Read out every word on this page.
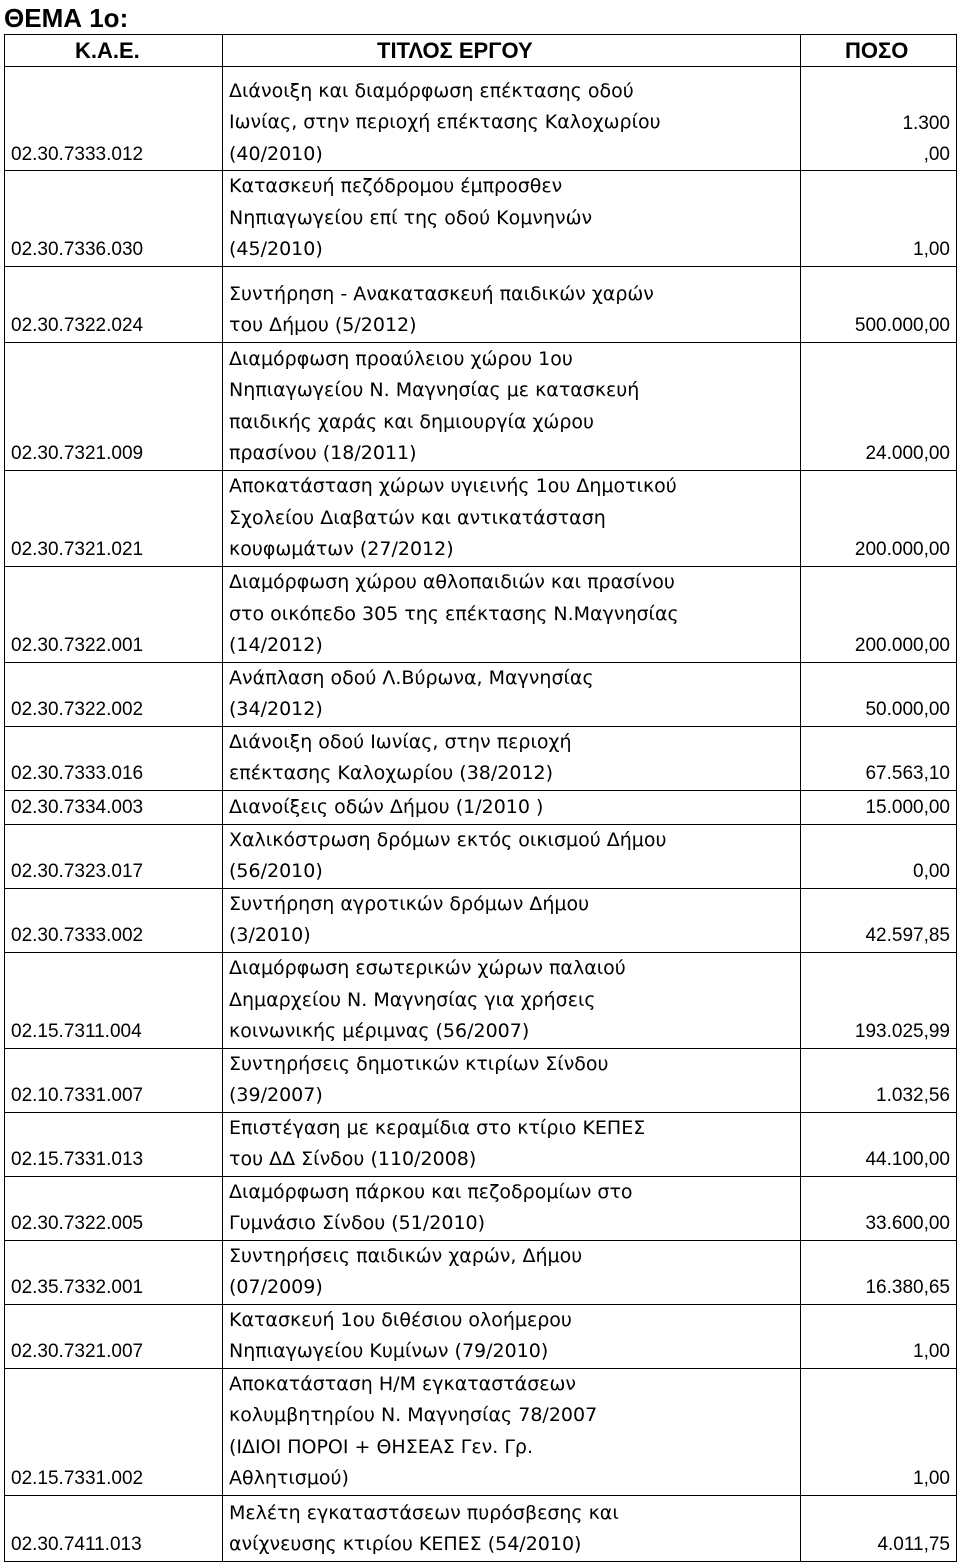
ΘΕΜΑ 1ο:
Κ.Α.Ε.	ΤΙΤΛΟΣ ΕΡΓΟΥ	ΠΟΣΟ
02.30.7333.012	Διάνοιξη και διαμόρφωση επέκτασης οδού
Ιωνίας, στην περιοχή επέκτασης Καλοχωρίου
(40/2010)	1.300
,00
02.30.7336.030	Κατασκευή πεζόδρομου έμπροσθεν
Νηπιαγωγείου επί της οδού Κομνηνών
(45/2010)	1,00
02.30.7322.024	Συντήρηση - Ανακατασκευή παιδικών χαρών
του Δήμου (5/2012)	500.000,00
02.30.7321.009	Διαμόρφωση προαύλειου χώρου 1ου
Νηπιαγωγείου Ν. Μαγνησίας με κατασκευή
παιδικής χαράς και δημιουργία χώρου
πρασίνου (18/2011)	24.000,00
02.30.7321.021	Αποκατάσταση χώρων υγιεινής 1ου Δημοτικού
Σχολείου Διαβατών και αντικατάσταση
κουφωμάτων (27/2012)	200.000,00
02.30.7322.001	Διαμόρφωση χώρου αθλοπαιδιών και πρασίνου
στο οικόπεδο 305 της επέκτασης Ν.Μαγνησίας
(14/2012)	200.000,00
02.30.7322.002	Ανάπλαση οδού Λ.Βύρωνα, Μαγνησίας
(34/2012)	50.000,00
02.30.7333.016	Διάνοιξη οδού Ιωνίας, στην περιοχή
επέκτασης Καλοχωρίου (38/2012)	67.563,10
02.30.7334.003	Διανοίξεις οδών Δήμου (1/2010 )	15.000,00
02.30.7323.017	Χαλικόστρωση δρόμων εκτός οικισμού Δήμου
(56/2010)	0,00
02.30.7333.002	Συντήρηση αγροτικών δρόμων Δήμου
(3/2010)	42.597,85
02.15.7311.004	Διαμόρφωση εσωτερικών χώρων παλαιού
Δημαρχείου Ν. Μαγνησίας για χρήσεις
κοινωνικής μέριμνας (56/2007)	193.025,99
02.10.7331.007	Συντηρήσεις δημοτικών κτιρίων Σίνδου
(39/2007)	1.032,56
02.15.7331.013	Επιστέγαση με κεραμίδια στο κτίριο ΚΕΠΕΣ
του ΔΔ Σίνδου (110/2008)	44.100,00
02.30.7322.005	Διαμόρφωση πάρκου και πεζοδρομίων στο
Γυμνάσιο Σίνδου (51/2010)	33.600,00
02.35.7332.001	Συντηρήσεις παιδικών χαρών, Δήμου
(07/2009)	16.380,65
02.30.7321.007	Κατασκευή 1ου διθέσιου ολοήμερου
Νηπιαγωγείου Κυμίνων (79/2010)	1,00
02.15.7331.002	Αποκατάσταση Η/Μ εγκαταστάσεων
κολυμβητηρίου Ν. Μαγνησίας 78/2007
(ΙΔΙΟΙ ΠΟΡΟΙ + ΘΗΣΕΑΣ Γεν. Γρ.
Αθλητισμού)	1,00
02.30.7411.013	Μελέτη εγκαταστάσεων πυρόσβεσης και
ανίχνευσης κτιρίου ΚΕΠΕΣ (54/2010)	4.011,75
